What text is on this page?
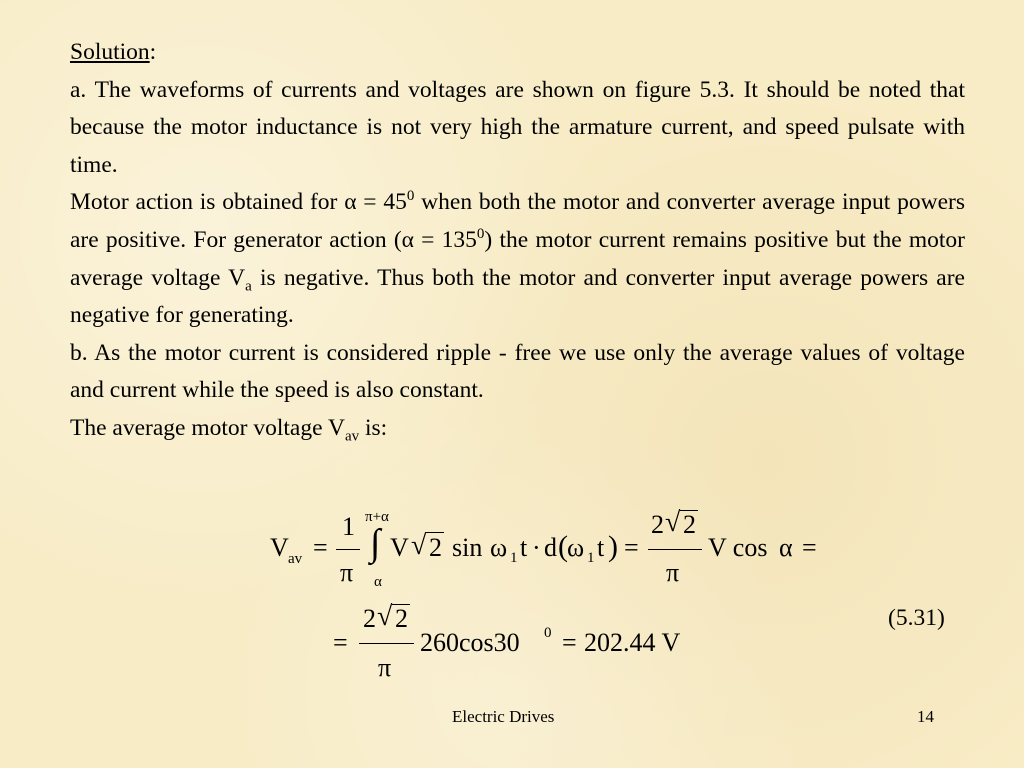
Solution:

a. The waveforms of currents and voltages are shown on figure 5.3. It should be noted that because the motor inductance is not very high the armature current, and speed pulsate with time.

Motor action is obtained for $\alpha = 45^0$ when both the motor and converter average input powers are positive. For generator action $(\alpha = 135^0)$ the motor current remains positive but the motor average voltage $V_a$ is negative. Thus both the motor and converter input average powers are negative for generating.

b. As the motor current is considered ripple - free we use only the average values of voltage and current while the speed is also constant.

The average motor voltage $V_{av}$ is:

V av =
1
π
π+α
∫
α
V √ 2 sin ω 1 t · d ( ω 1 t ) =
2 √ 2
π
V cos α =
=
2 √ 2
π
260cos30 0 = 202.44 V
(5.31)
Electric Drives	14
